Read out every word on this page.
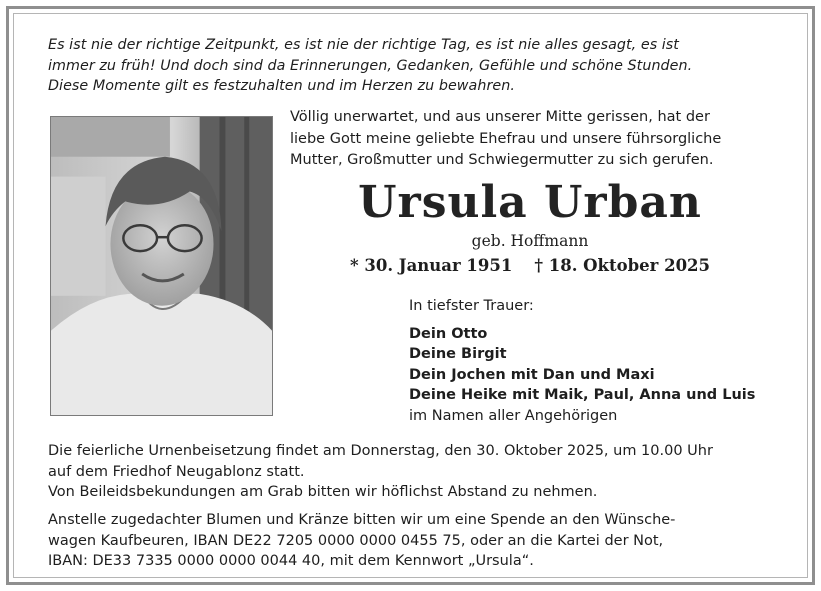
Es ist nie der richtige Zeitpunkt, es ist nie der richtige Tag, es ist nie alles gesagt, es ist
immer zu früh! Und doch sind da Erinnerungen, Gedanken, Gefühle und schöne Stunden.
Diese Momente gilt es festzuhalten und im Herzen zu bewahren.
Völlig unerwartet, und aus unserer Mitte gerissen, hat der
liebe Gott meine geliebte Ehefrau und unsere führsorgliche
Mutter, Großmutter und Schwiegermutter zu sich gerufen.
Ursula Urban
geb. Hoffmann
* 30. Januar 1951 † 18. Oktober 2025
In tiefster Trauer:
Dein Otto
Deine Birgit
Dein Jochen mit Dan und Maxi
Deine Heike mit Maik, Paul, Anna und Luis
im Namen aller Angehörigen
Die feierliche Urnenbeisetzung findet am Donnerstag, den 30. Oktober 2025, um 10.00 Uhr
auf dem Friedhof Neugablonz statt.
Von Beileidsbekundungen am Grab bitten wir höflichst Abstand zu nehmen.
Anstelle zugedachter Blumen und Kränze bitten wir um eine Spende an den Wünsche-
wagen Kaufbeuren, IBAN DE22 7205 0000 0000 0455 75, oder an die Kartei der Not,
IBAN: DE33 7335 0000 0000 0044 40, mit dem Kennwort „Ursula“.
